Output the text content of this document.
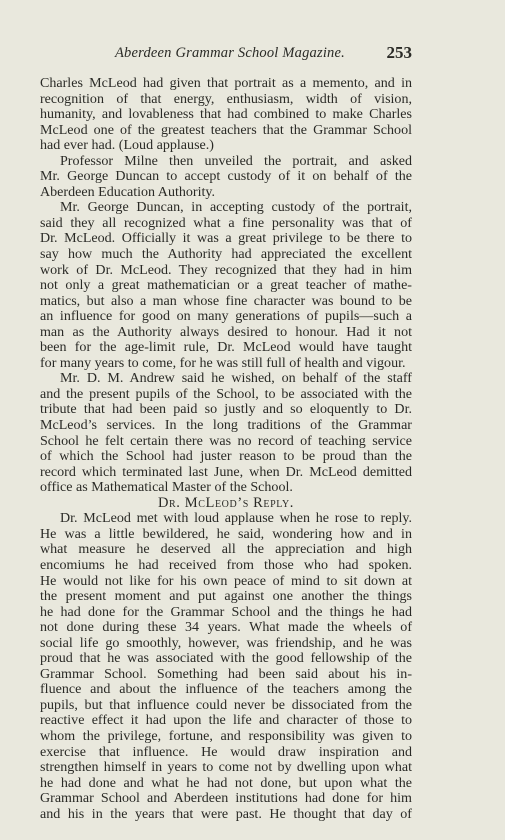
Aberdeen Grammar School Magazine. 253
Charles McLeod had given that portrait as a memento, and in
recognition of that energy, enthusiasm, width of vision,
humanity, and lovableness that had combined to make Charles
McLeod one of the greatest teachers that the Grammar School
had ever had. (Loud applause.)
Professor Milne then unveiled the portrait, and asked
Mr. George Duncan to accept custody of it on behalf of the
Aberdeen Education Authority.
Mr. George Duncan, in accepting custody of the portrait,
said they all recognized what a fine personality was that of
Dr. McLeod. Officially it was a great privilege to be there to
say how much the Authority had appreciated the excellent
work of Dr. McLeod. They recognized that they had in him
not only a great mathematician or a great teacher of mathe-
matics, but also a man whose fine character was bound to be
an influence for good on many generations of pupils—such a
man as the Authority always desired to honour. Had it not
been for the age-limit rule, Dr. McLeod would have taught
for many years to come, for he was still full of health and vigour.
Mr. D. M. Andrew said he wished, on behalf of the staff
and the present pupils of the School, to be associated with the
tribute that had been paid so justly and so eloquently to Dr.
McLeod’s services. In the long traditions of the Grammar
School he felt certain there was no record of teaching service
of which the School had juster reason to be proud than the
record which terminated last June, when Dr. McLeod demitted
office as Mathematical Master of the School.
Dr. McLeod’s Reply.
Dr. McLeod met with loud applause when he rose to reply.
He was a little bewildered, he said, wondering how and in
what measure he deserved all the appreciation and high
encomiums he had received from those who had spoken.
He would not like for his own peace of mind to sit down at
the present moment and put against one another the things
he had done for the Grammar School and the things he had
not done during these 34 years. What made the wheels of
social life go smoothly, however, was friendship, and he was
proud that he was associated with the good fellowship of the
Grammar School. Something had been said about his in-
fluence and about the influence of the teachers among the
pupils, but that influence could never be dissociated from the
reactive effect it had upon the life and character of those to
whom the privilege, fortune, and responsibility was given to
exercise that influence. He would draw inspiration and
strengthen himself in years to come not by dwelling upon what
he had done and what he had not done, but upon what the
Grammar School and Aberdeen institutions had done for him
and his in the years that were past. He thought that day of
